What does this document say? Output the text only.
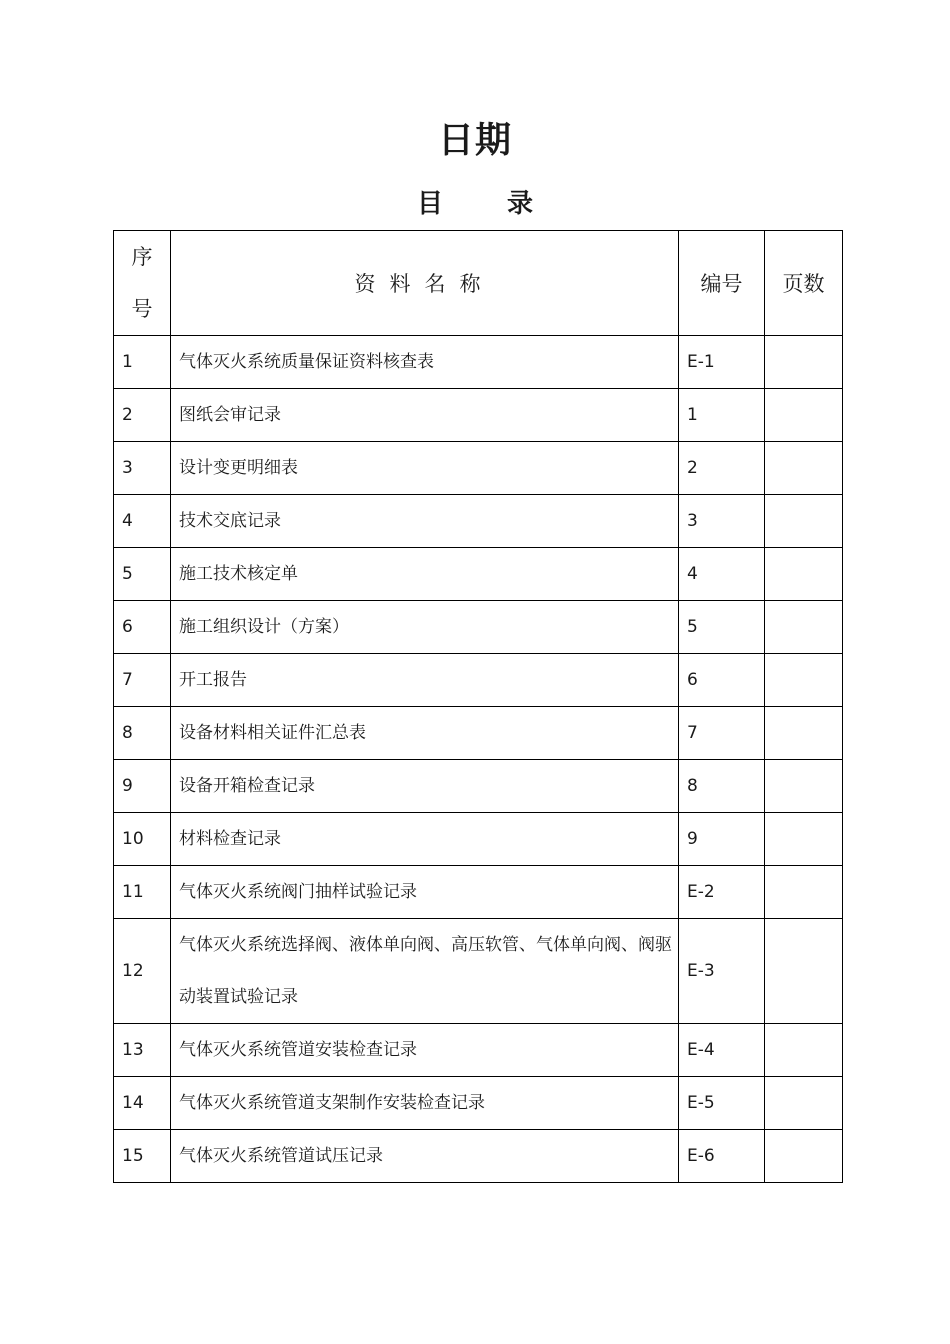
日期
目 录
序
号	资料名称	编号	页数
1	气体灭火系统质量保证资料核查表	E-1	
2	图纸会审记录	1	
3	设计变更明细表	2	
4	技术交底记录	3	
5	施工技术核定单	4	
6	施工组织设计（方案）	5	
7	开工报告	6	
8	设备材料相关证件汇总表	7	
9	设备开箱检查记录	8	
10	材料检查记录	9	
11	气体灭火系统阀门抽样试验记录	E-2	
12	气体灭火系统选择阀、液体单向阀、高压软管、气体单向阀、阀驱动装置试验记录	E-3	
13	气体灭火系统管道安装检查记录	E-4	
14	气体灭火系统管道支架制作安装检查记录	E-5	
15	气体灭火系统管道试压记录	E-6	
